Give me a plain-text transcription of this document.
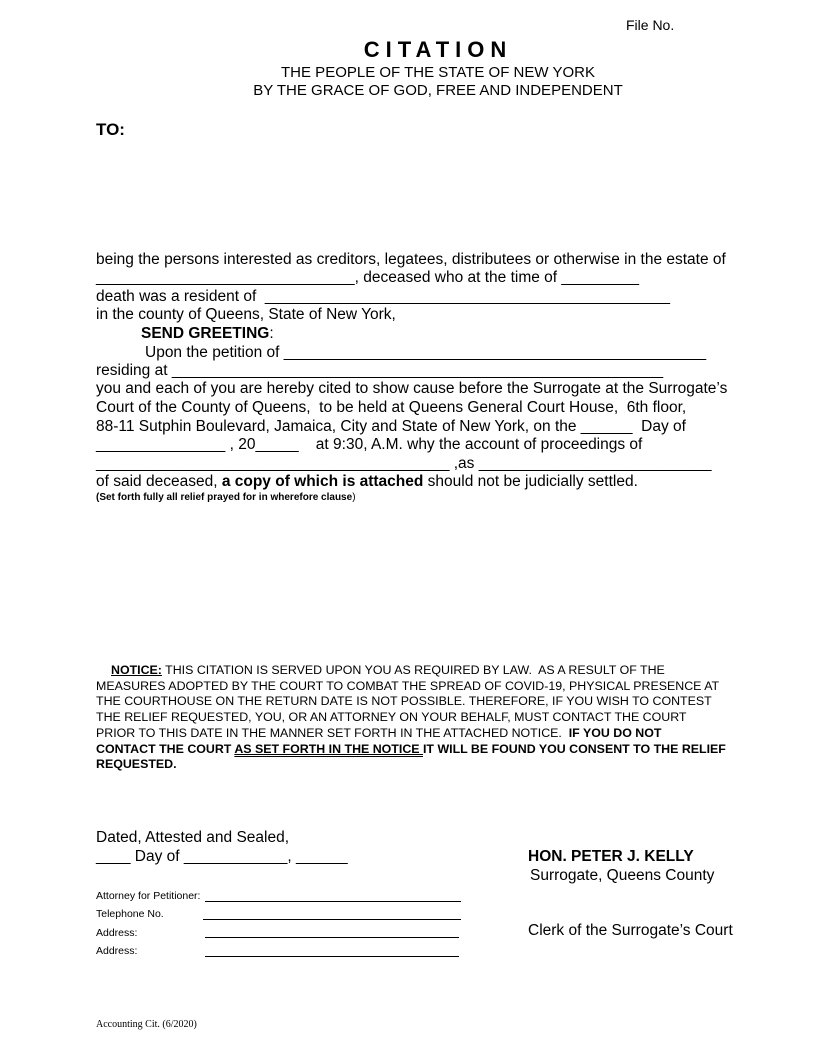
File No.
CITATION
THE PEOPLE OF THE STATE OF NEW YORK
BY THE GRACE OF GOD, FREE AND INDEPENDENT
TO:
being the persons interested as creditors, legatees, distributees or otherwise in the estate of
______________________________, deceased who at the time of _________
death was a resident of  _______________________________________________
in the county of Queens, State of New York,
SEND GREETING:
Upon the petition of _________________________________________________
residing at _________________________________________________________
you and each of you are hereby cited to show cause before the Surrogate at the Surrogate’s
Court of the County of Queens,  to be held at Queens General Court House,  6th floor,
88-11 Sutphin Boulevard, Jamaica, City and State of New York, on the ______  Day of
_______________ , 20_____    at 9:30, A.M. why the account of proceedings of
_________________________________________ ,as ___________________________
of said deceased, a copy of which is attached should not be judicially settled.
(Set forth fully all relief prayed for in wherefore clause)
NOTICE: THIS CITATION IS SERVED UPON YOU AS REQUIRED BY LAW.  AS A RESULT OF THE
MEASURES ADOPTED BY THE COURT TO COMBAT THE SPREAD OF COVID-19, PHYSICAL PRESENCE AT
THE COURTHOUSE ON THE RETURN DATE IS NOT POSSIBLE. THEREFORE, IF YOU WISH TO CONTEST
THE RELIEF REQUESTED, YOU, OR AN ATTORNEY ON YOUR BEHALF, MUST CONTACT THE COURT
PRIOR TO THIS DATE IN THE MANNER SET FORTH IN THE ATTACHED NOTICE.  IF YOU DO NOT
CONTACT THE COURT AS SET FORTH IN THE NOTICE IT WILL BE FOUND YOU CONSENT TO THE RELIEF
REQUESTED.
Dated, Attested and Sealed,
____ Day of ____________, ______	HON. PETER J. KELLY
Surrogate, Queens County
Clerk of the Surrogate’s Court
Attorney for Petitioner:
Telephone No.
Address:
Address:
Accounting Cit. (6/2020)
